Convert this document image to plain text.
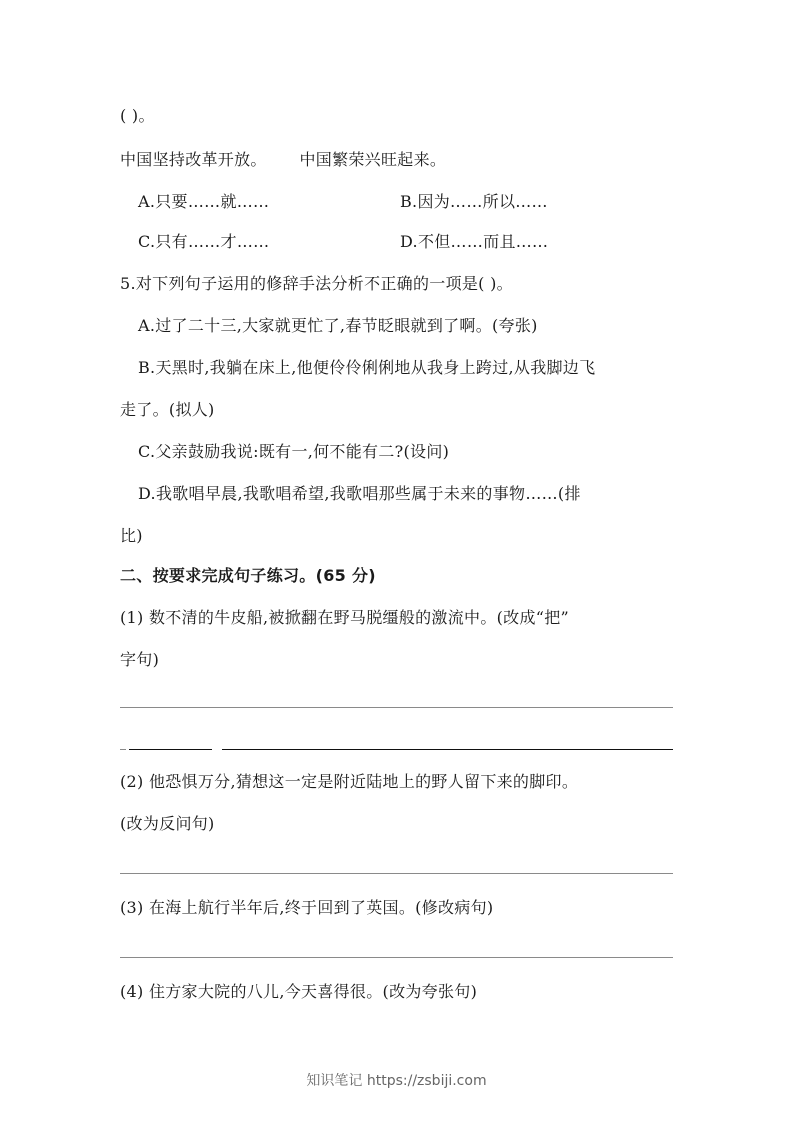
( )。
中国坚持改革开放。 中国繁荣兴旺起来。
A.只要……就……	B.因为……所以……
C.只有……才……	D.不但……而且……
5.对下列句子运用的修辞手法分析不正确的一项是( )。
A.过了二十三,大家就更忙了,春节眨眼就到了啊。(夸张)
B.天黑时,我躺在床上,他便伶伶俐俐地从我身上跨过,从我脚边飞
走了。(拟人)
C.父亲鼓励我说:既有一,何不能有二?(设问)
D.我歌唱早晨,我歌唱希望,我歌唱那些属于未来的事物……(排
比)
二、按要求完成句子练习。(65 分)
(1) 数不清的牛皮船,被掀翻在野马脱缰般的激流中。(改成“把”
字句)
(2) 他恐惧万分,猜想这一定是附近陆地上的野人留下来的脚印。
(改为反问句)
(3) 在海上航行半年后,终于回到了英国。(修改病句)
(4) 住方家大院的八儿,今天喜得很。(改为夸张句)
知识笔记 https://zsbiji.com
